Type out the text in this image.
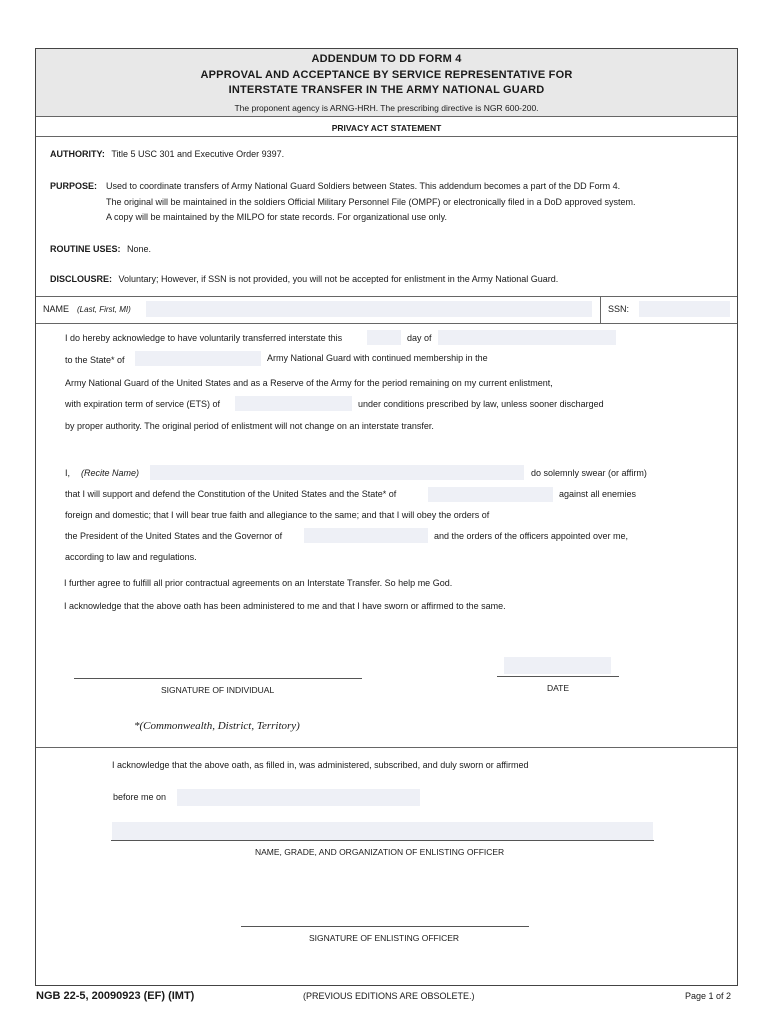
ADDENDUM TO DD FORM 4
APPROVAL AND ACCEPTANCE BY SERVICE REPRESENTATIVE FOR
INTERSTATE TRANSFER IN THE ARMY NATIONAL GUARD
The proponent agency is ARNG-HRH. The prescribing directive is NGR 600-200.
PRIVACY ACT STATEMENT
AUTHORITY: Title 5 USC 301 and Executive Order 9397.
PURPOSE: Used to coordinate transfers of Army National Guard Soldiers between States. This addendum becomes a part of the DD Form 4.
The original will be maintained in the soldiers Official Military Personnel File (OMPF) or electronically filed in a DoD approved system.
A copy will be maintained by the MILPO for state records. For organizational use only.
ROUTINE USES: None.
DISCLOUSRE: Voluntary; However, if SSN is not provided, you will not be accepted for enlistment in the Army National Guard.
NAME (Last, First, MI)	SSN:
I do hereby acknowledge to have voluntarily transferred interstate this	day of
to the State* of	Army National Guard with continued membership in the
Army National Guard of the United States and as a Reserve of the Army for the period remaining on my current enlistment,
with expiration term of service (ETS) of	under conditions prescribed by law, unless sooner discharged
by proper authority. The original period of enlistment will not change on an interstate transfer.
I, (Recite Name)	do solemnly swear (or affirm)
that I will support and defend the Constitution of the United States and the State* of	against all enemies
foreign and domestic; that I will bear true faith and allegiance to the same; and that I will obey the orders of
the President of the United States and the Governor of	and the orders of the officers appointed over me,
according to law and regulations.
I further agree to fulfill all prior contractual agreements on an Interstate Transfer. So help me God.
I acknowledge that the above oath has been administered to me and that I have sworn or affirmed to the same.
SIGNATURE OF INDIVIDUAL	DATE
*(Commonwealth, District, Territory)
I acknowledge that the above oath, as filled in, was administered, subscribed, and duly sworn or affirmed
before me on
NAME, GRADE, AND ORGANIZATION OF ENLISTING OFFICER
SIGNATURE OF ENLISTING OFFICER
NGB 22-5, 20090923 (EF) (IMT)	(PREVIOUS EDITIONS ARE OBSOLETE.)	Page 1 of 2
